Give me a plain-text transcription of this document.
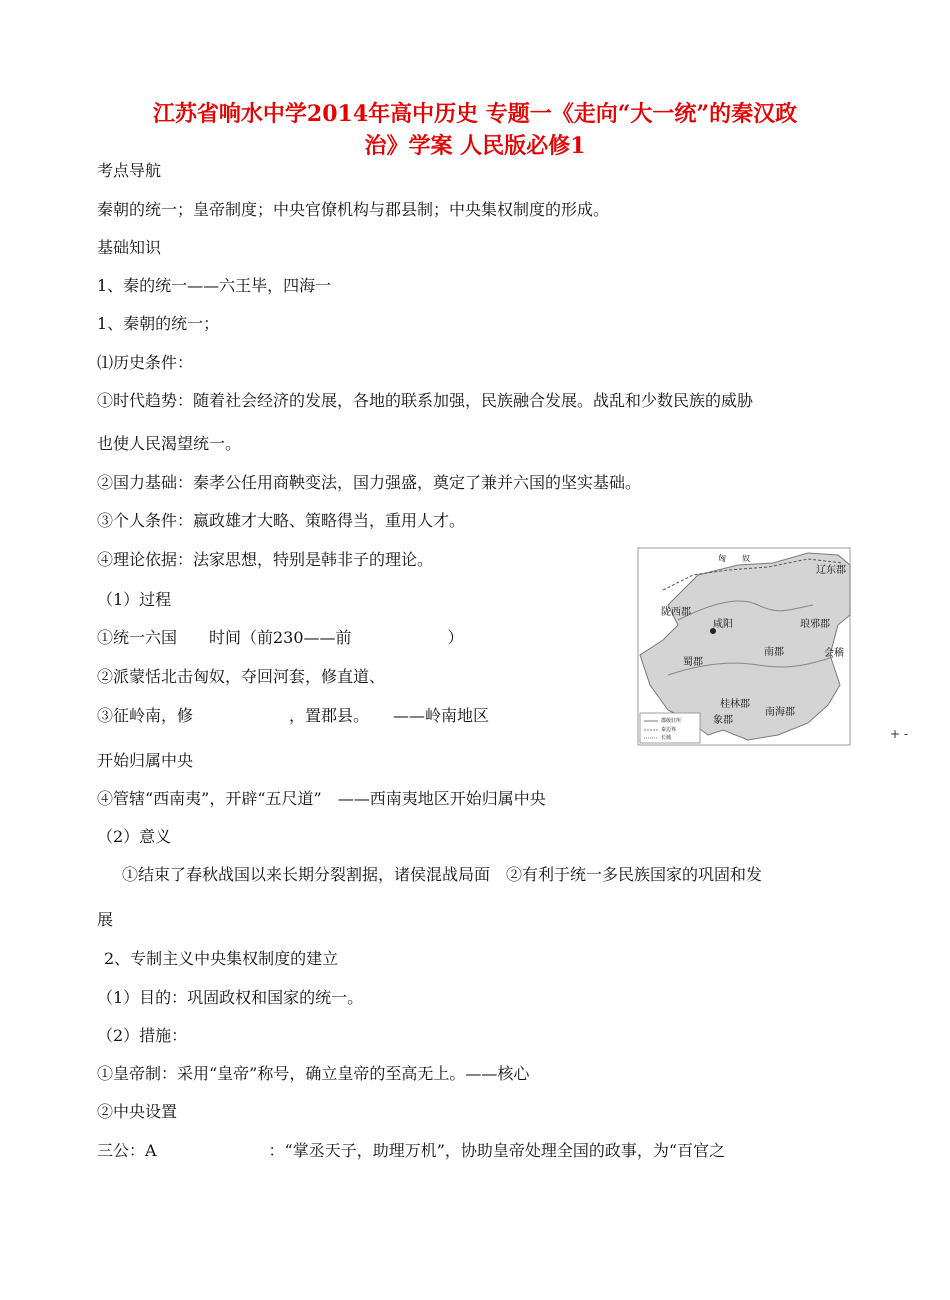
江苏省响水中学2014年高中历史 专题一《走向“大一统”的秦汉政
治》学案 人民版必修1
考点导航
秦朝的统一；皇帝制度；中央官僚机构与郡县制；中央集权制度的形成。
基础知识
1、秦的统一——六王毕，四海一
1、秦朝的统一；
⑴历史条件：
①时代趋势：随着社会经济的发展，各地的联系加强，民族融合发展。战乱和少数民族的威胁
也使人民渴望统一。
②国力基础：秦孝公任用商鞅变法，国力强盛，奠定了兼并六国的坚实基础。
③个人条件：嬴政雄才大略、策略得当，重用人才。
④理论依据：法家思想，特别是韩非子的理论。
（1）过程
①统一六国　　时间（前230——前　　　　　　）
②派蒙恬北击匈奴，夺回河套，修直道、
③征岭南，修　　　　　　，置郡县。　　——岭南地区
开始归属中央
④管辖“西南夷”，开辟“五尺道”　——西南夷地区开始归属中央
（2）意义
①结束了春秋战国以来长期分裂割据，诸侯混战局面　②有利于统一多民族国家的巩固和发
展
2、专制主义中央集权制度的建立
（1）目的：巩固政权和国家的统一。
（2）措施：
①皇帝制：采用“皇帝”称号，确立皇帝的至高无上。——核心
②中央设置
三公：A　　　　　　　：“掌丞天子，助理万机”，协助皇帝处理全国的政事，为“百官之
匈　　奴
辽东郡
陇西郡
咸阳	琅邪郡
南郡	会稽
蜀郡
桂林郡
南海郡
象郡
郡级驻所
秦边界
长城	+ -
